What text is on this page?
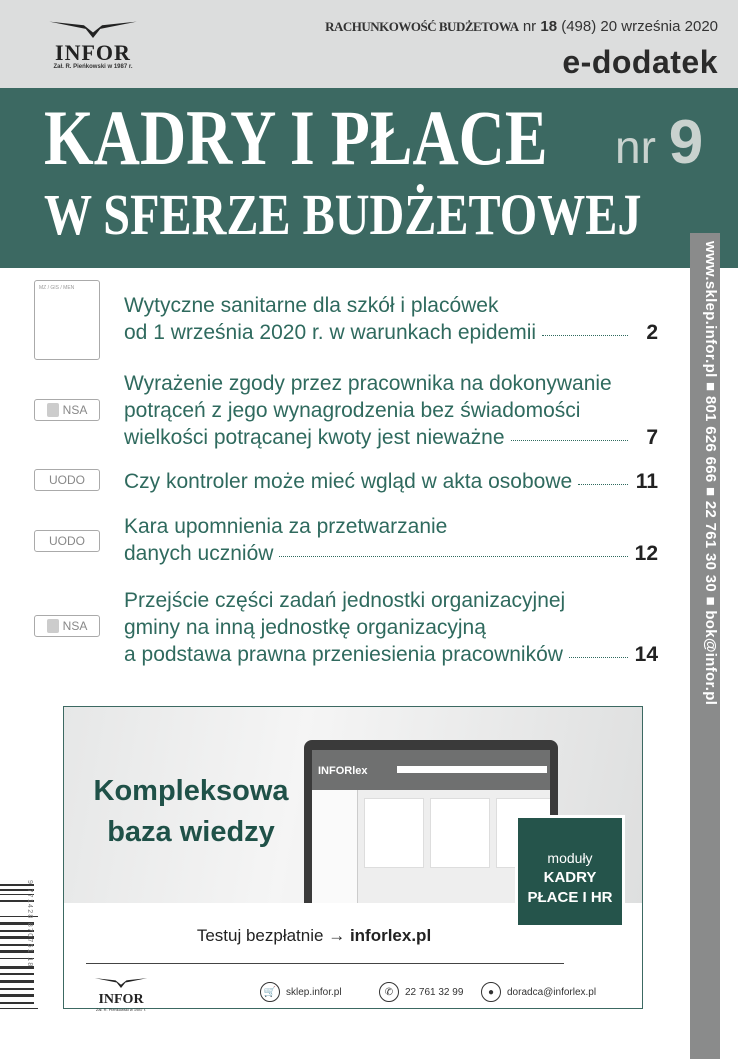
INFOR
Zał. R. Pieńkowski w 1987 r.
RACHUNKOWOŚĆ BUDŻETOWA nr 18 (498) 20 września 2020
e-dodatek
KADRY I PŁACE
W SFERZE BUDŻETOWEJ
nr 9
www.sklep.infor.pl ■ 801 626 666 ■ 22 761 30 30 ■ bok@infor.pl
MZ / GIS / MEN
NSA
UODO
UODO
NSA
Wytyczne sanitarne dla szkół i placówek
od 1 września 2020 r. w warunkach epidemii	2
Wyrażenie zgody przez pracownika na dokonywanie
potrąceń z jego wynagrodzenia bez świadomości
wielkości potrącanej kwoty jest nieważne	7
Czy kontroler może mieć wgląd w akta osobowe	11
Kara upomnienia za przetwarzanie
danych uczniów	12
Przejście części zadań jednostki organizacyjnej
gminy na inną jednostkę organizacyjną
a podstawa prawna przeniesienia pracowników	14
Kompleksowa
baza wiedzy
INFORlex
moduły
KADRY
PŁACE I HR
Testuj bezpłatnie → inforlex.pl
INFOR
Zał. R. Pieńkowski w 1987 r.
🛒 sklep.infor.pl	✆	22 761 32 99	●	doradca@inforlex.pl
9 771428 870751 18
